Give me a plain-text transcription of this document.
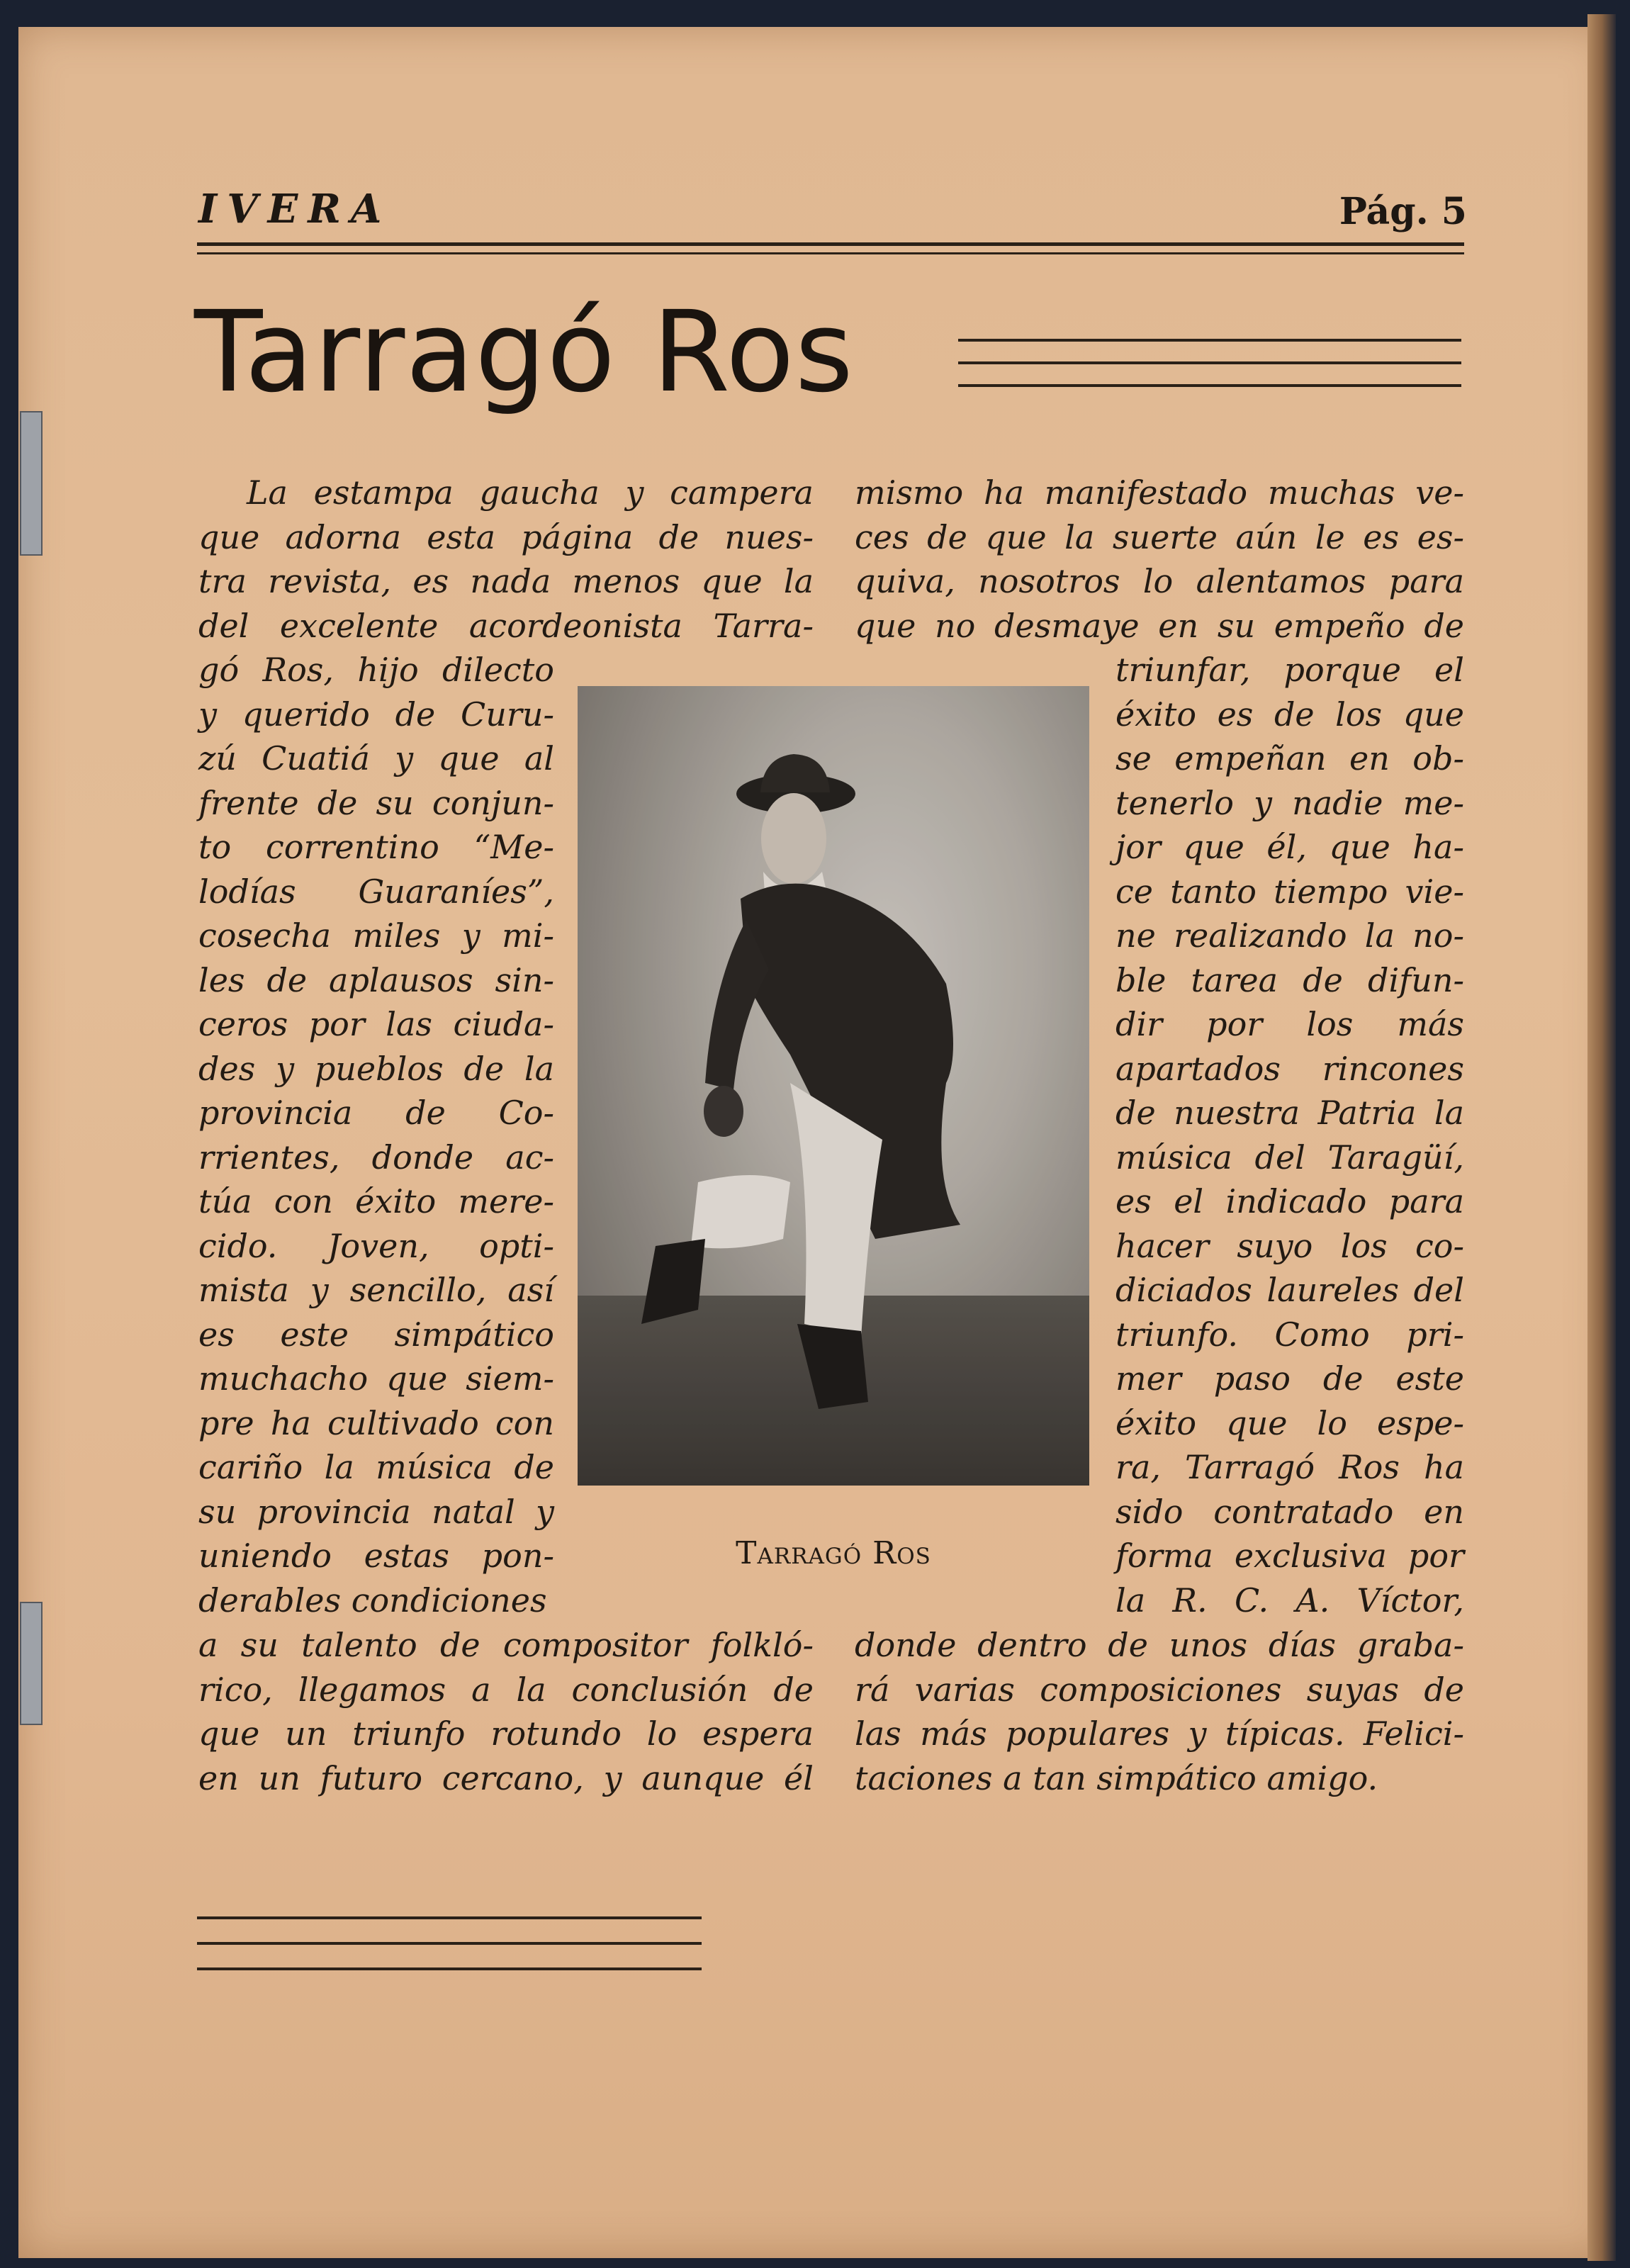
IVERA	Pág. 5
Tarragó Ros

La estampa gaucha y campera

que adorna esta página de nues-

tra revista, es nada menos que la

del excelente acordeonista Tarra-

gó Ros, hijo dilecto

y querido de Curu-

zú Cuatiá y que al

frente de su conjun-

to correntino “Me-

lodías Guaraníes”,

cosecha miles y mi-

les de aplausos sin-

ceros por las ciuda-

des y pueblos de la

provincia de Co-

rrientes, donde ac-

túa con éxito mere-

cido. Joven, opti-

mista y sencillo, así

es este simpático

muchacho que siem-

pre ha cultivado con

cariño la música de

su provincia natal y

uniendo estas pon-

derables condiciones

a su talento de compositor folkló-

rico, llegamos a la conclusión de

que un triunfo rotundo lo espera

en un futuro cercano, y aunque él

mismo ha manifestado muchas ve-

ces de que la suerte aún le es es-

quiva, nosotros lo alentamos para

que no desmaye en su empeño de

triunfar, porque el

éxito es de los que

se empeñan en ob-

tenerlo y nadie me-

jor que él, que ha-

ce tanto tiempo vie-

ne realizando la no-

ble tarea de difun-

dir por los más

apartados rincones

de nuestra Patria la

música del Taragüí,

es el indicado para

hacer suyo los co-

diciados laureles del

triunfo. Como pri-

mer paso de este

éxito que lo espe-

ra, Tarragó Ros ha

sido contratado en

forma exclusiva por

la R. C. A. Víctor,

donde dentro de unos días graba-

rá varias composiciones suyas de

las más populares y típicas. Felici-

taciones a tan simpático amigo.

Tarragó Ros
